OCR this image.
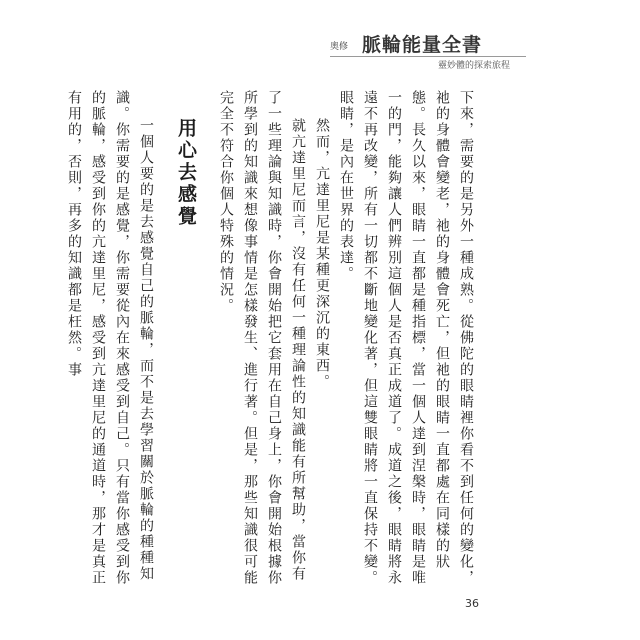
奧修 脈輪能量全書
靈妙體的探索旅程

下來，需要的是另外一種成熟。從佛陀的眼睛裡你看不到任何的變化，祂的身體會變老，祂的身體會死亡，但祂的眼睛一直都處在同樣的狀態。長久以來，眼睛一直都是種指標，當一個人達到涅槃時，眼睛是唯一的門，能夠讓人們辨別這個人是否真正成道了。成道之後，眼睛將永遠不再改變，所有一切都不斷地變化著，但這雙眼睛將一直保持不變。眼睛，是內在世界的表達。

然而，亢達里尼是某種更深沉的東西。

就亢達里尼而言，沒有任何一種理論性的知識能有所幫助，當你有了一些理論與知識時，你會開始把它套用在自己身上，你會開始根據你所學到的知識來想像事情是怎樣發生、進行著。但是，那些知識很可能完全不符合你個人特殊的情況。

用心去感覺

一個人要的是去感覺自己的脈輪，而不是去學習關於脈輪的種種知識。你需要的是感覺，你需要從內在來感受到自己。只有當你感受到你的脈輪，感受到你的亢達里尼，感受到亢達里尼的通道時，那才是真正有用的，否則，再多的知識都是枉然。事

36
